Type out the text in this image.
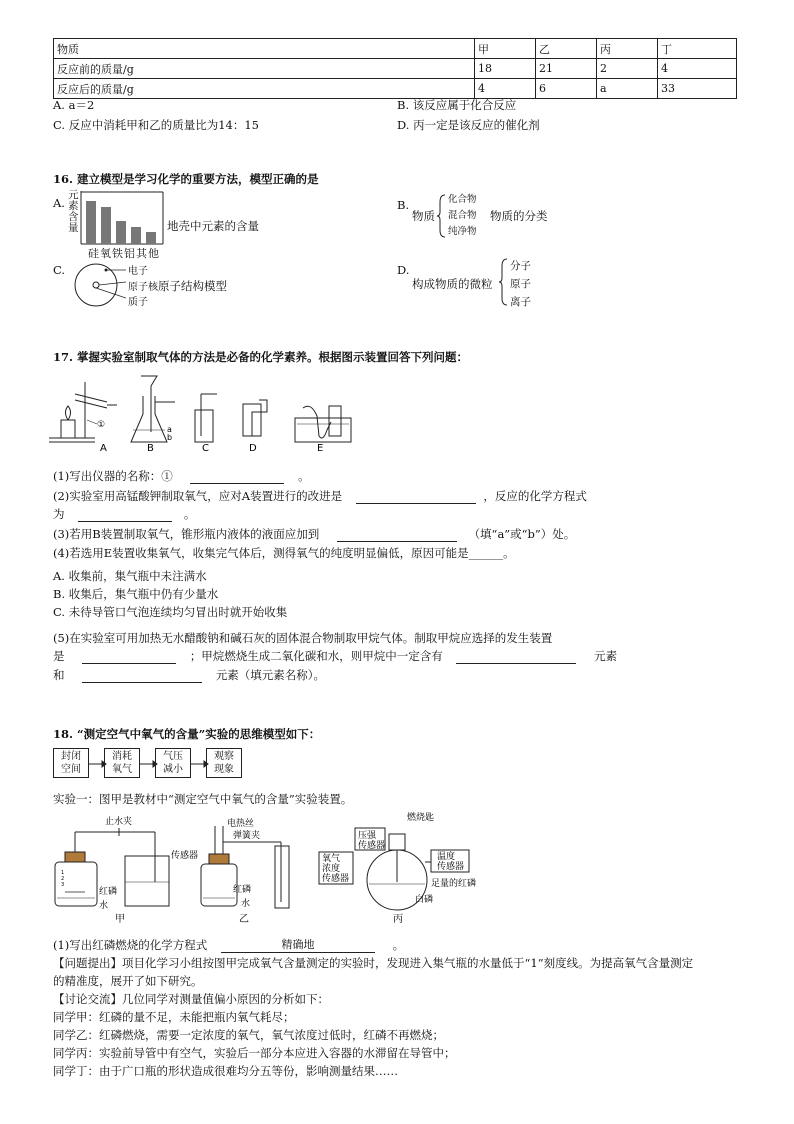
物质	甲	乙	丙	丁
反应前的质量/g	18	21	2	4
反应后的质量/g	4	6	a	33
A. a＝2	B. 该反应属于化合反应
C. 反应中消耗甲和乙的质量比为14：15	D. 丙一定是该反应的催化剂
16. 建立模型是学习化学的重要方法，模型正确的是
A.
元
素
含
量
硅氧铁铝其他
地壳中元素的含量
B.
物质
化合物
混合物
纯净物
物质的分类
C.	电子
原子核原子结构模型
质子
D.
构成物质的微粒
分子
原子
离子
17. 掌握实验室制取气体的方法是必备的化学素养。根据图示装置回答下列问题：
①	a
b
A	B	C	D	E
(1)写出仪器的名称：①	。
(2)实验室用高锰酸钾制取氧气，应对A装置进行的改进是	，反应的化学方程式
为	。
(3)若用B装置制取氧气，锥形瓶内液体的液面应加到	（填“a”或“b”）处。
(4)若选用E装置收集氧气，收集完气体后，测得氧气的纯度明显偏低，原因可能是______。
A. 收集前，集气瓶中未注满水
B. 收集后，集气瓶中仍有少量水
C. 未待导管口气泡连续均匀冒出时就开始收集
(5)在实验室可用加热无水醋酸钠和碱石灰的固体混合物制取甲烷气体。制取甲烷应选择的发生装置
是	；甲烷燃烧生成二氧化碳和水，则甲烷中一定含有	元素
和	元素（填元素名称）。
18. “测定空气中氧气的含量”实验的思维模型如下：
封闭
空间
消耗
氧气
气压
减小
观察
现象
实验一：图甲是教材中“测定空气中氧气的含量”实验装置。
1
2
3
止水夹
红磷
水
甲
电热丝
弹簧夹
传感器
红磷
水
乙
燃烧匙
压强
传感器
氧气
浓度
传感器
温度
传感器
足量的红磷
白磷
丙
(1)写出红磷燃烧的化学方程式	精确地	。
【问题提出】项目化学习小组按图甲完成氧气含量测定的实验时，发现进入集气瓶的水量低于“1”刻度线。为提高氧气含量测定
的精准度，展开了如下研究。
【讨论交流】几位同学对测量值偏小原因的分析如下：
同学甲：红磷的量不足，未能把瓶内氧气耗尽；
同学乙：红磷燃烧，需要一定浓度的氧气，氧气浓度过低时，红磷不再燃烧；
同学丙：实验前导管中有空气，实验后一部分本应进入容器的水滞留在导管中；
同学丁：由于广口瓶的形状造成很难均分五等份，影响测量结果……
